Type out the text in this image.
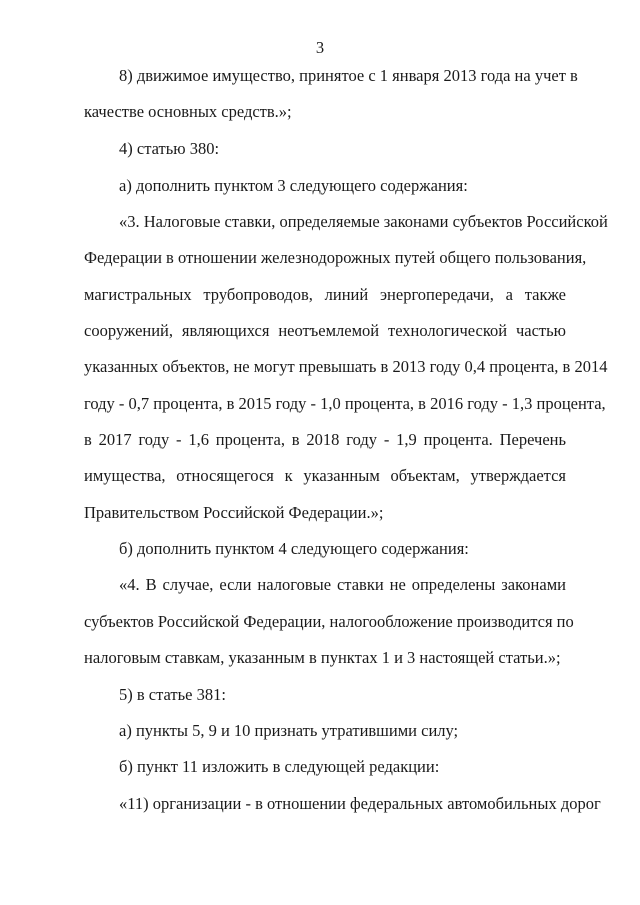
3
8) движимое имущество, принятое с 1 января 2013 года на учет в
качестве основных средств.»;
4) статью 380:
а) дополнить пунктом 3 следующего содержания:
«3. Налоговые ставки, определяемые законами субъектов Российской
Федерации в отношении железнодорожных путей общего пользования,
магистральных трубопроводов, линий энергопередачи, а также
сооружений, являющихся неотъемлемой технологической частью
указанных объектов, не могут превышать в 2013 году 0,4 процента, в 2014
году - 0,7 процента, в 2015 году - 1,0 процента, в 2016 году - 1,3 процента,
в 2017 году - 1,6 процента, в 2018 году - 1,9 процента. Перечень
имущества, относящегося к указанным объектам, утверждается
Правительством Российской Федерации.»;
б) дополнить пунктом 4 следующего содержания:
«4. В случае, если налоговые ставки не определены законами
субъектов Российской Федерации, налогообложение производится по
налоговым ставкам, указанным в пунктах 1 и 3 настоящей статьи.»;
5) в статье 381:
а) пункты 5, 9 и 10 признать утратившими силу;
б) пункт 11 изложить в следующей редакции:
«11) организации - в отношении федеральных автомобильных дорог
